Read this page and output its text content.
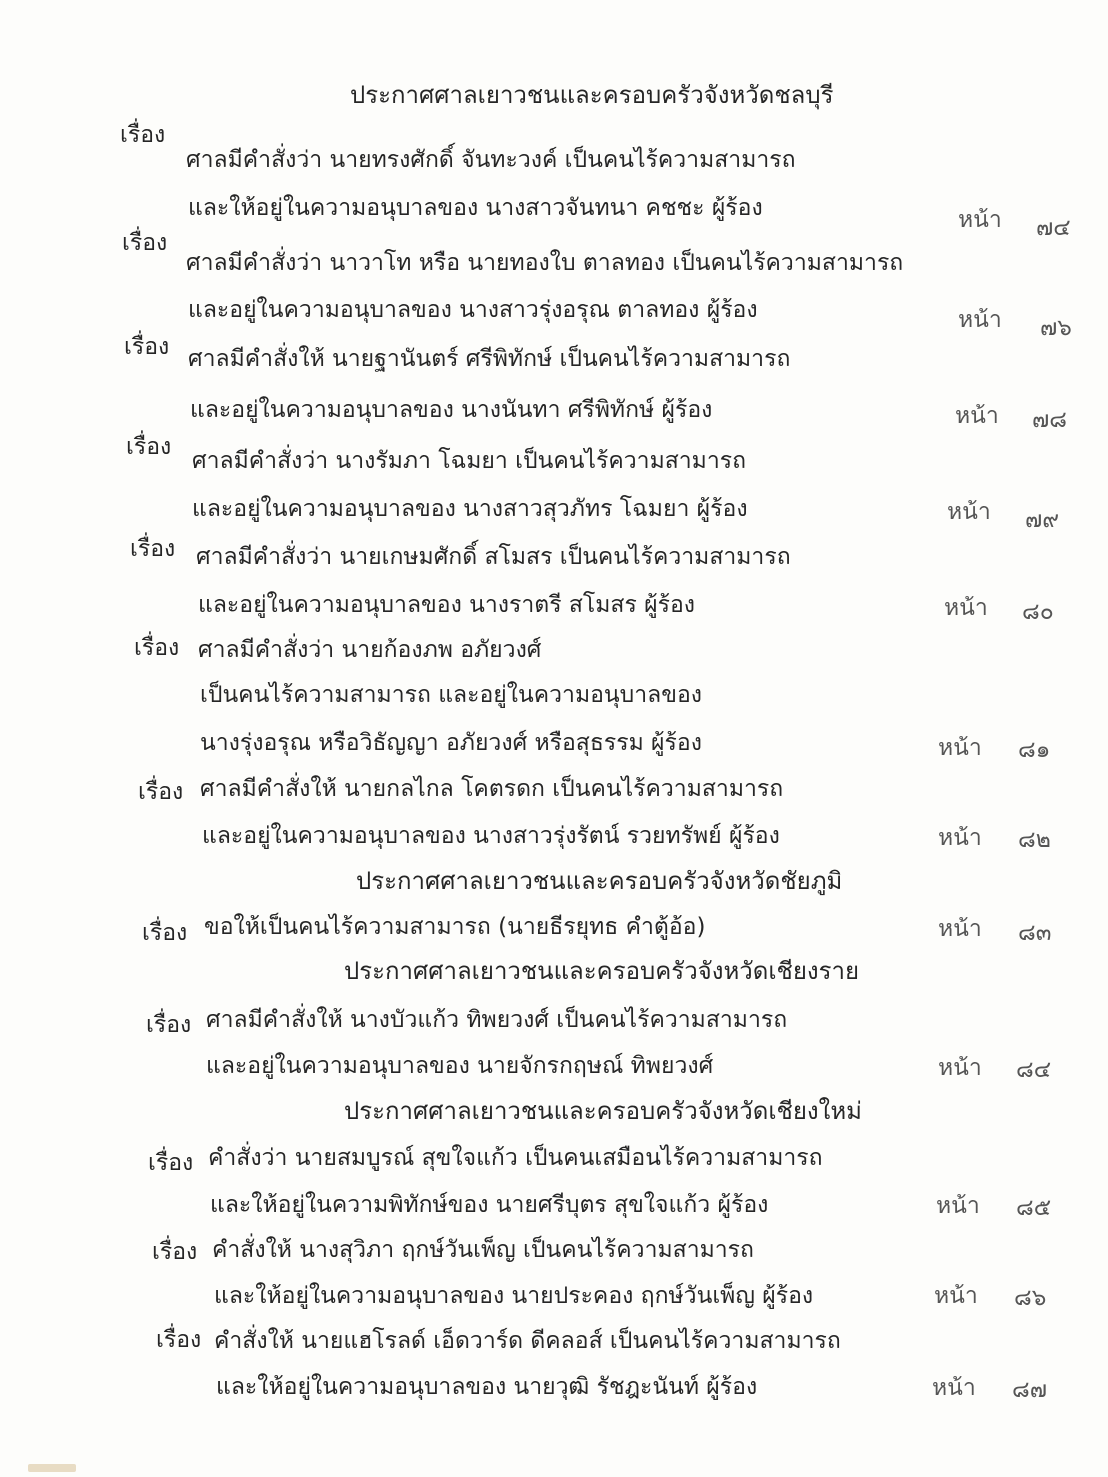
ประกาศศาลเยาวชนและครอบครัวจังหวัดชลบุรี
เรื่อง
ศาลมีคำสั่งว่า นายทรงศักดิ์ จันทะวงค์ เป็นคนไร้ความสามารถ
และให้อยู่ในความอนุบาลของ นางสาวจันทนา คชชะ ผู้ร้อง	หน้า ๗๔
เรื่อง
ศาลมีคำสั่งว่า นาวาโท หรือ นายทองใบ ตาลทอง เป็นคนไร้ความสามารถ
และอยู่ในความอนุบาลของ นางสาวรุ่งอรุณ ตาลทอง ผู้ร้อง	หน้า ๗๖
เรื่อง ศาลมีคำสั่งให้ นายฐานันตร์ ศรีพิทักษ์ เป็นคนไร้ความสามารถ
และอยู่ในความอนุบาลของ นางนันทา ศรีพิทักษ์ ผู้ร้อง	หน้า ๗๘
เรื่อง
ศาลมีคำสั่งว่า นางรัมภา โฉมยา เป็นคนไร้ความสามารถ
และอยู่ในความอนุบาลของ นางสาวสุวภัทร โฉมยา ผู้ร้อง	หน้า ๗๙
เรื่อง ศาลมีคำสั่งว่า นายเกษมศักดิ์ สโมสร เป็นคนไร้ความสามารถ
และอยู่ในความอนุบาลของ นางราตรี สโมสร ผู้ร้อง	หน้า ๘๐
เรื่อง ศาลมีคำสั่งว่า นายก้องภพ อภัยวงศ์
เป็นคนไร้ความสามารถ และอยู่ในความอนุบาลของ
นางรุ่งอรุณ หรือวิธัญญา อภัยวงศ์ หรือสุธรรม ผู้ร้อง	หน้า ๘๑
เรื่อง ศาลมีคำสั่งให้ นายกลไกล โคตรดก เป็นคนไร้ความสามารถ
และอยู่ในความอนุบาลของ นางสาวรุ่งรัตน์ รวยทรัพย์ ผู้ร้อง	หน้า ๘๒
ประกาศศาลเยาวชนและครอบครัวจังหวัดชัยภูมิ
เรื่อง ขอให้เป็นคนไร้ความสามารถ (นายธีรยุทธ คำตู้อ้อ)	หน้า ๘๓
ประกาศศาลเยาวชนและครอบครัวจังหวัดเชียงราย
เรื่อง ศาลมีคำสั่งให้ นางบัวแก้ว ทิพยวงศ์ เป็นคนไร้ความสามารถ
และอยู่ในความอนุบาลของ นายจักรกฤษณ์ ทิพยวงศ์	หน้า ๘๔
ประกาศศาลเยาวชนและครอบครัวจังหวัดเชียงใหม่
เรื่อง คำสั่งว่า นายสมบูรณ์ สุขใจแก้ว เป็นคนเสมือนไร้ความสามารถ
และให้อยู่ในความพิทักษ์ของ นายศรีบุตร สุขใจแก้ว ผู้ร้อง	หน้า ๘๕
เรื่อง คำสั่งให้ นางสุวิภา ฤกษ์วันเพ็ญ เป็นคนไร้ความสามารถ
และให้อยู่ในความอนุบาลของ นายประคอง ฤกษ์วันเพ็ญ ผู้ร้อง	หน้า ๘๖
เรื่อง คำสั่งให้ นายแฮโรลด์ เอ็ดวาร์ด ดีคลอส์ เป็นคนไร้ความสามารถ
และให้อยู่ในความอนุบาลของ นายวุฒิ รัชฎะนันท์ ผู้ร้อง	หน้า ๘๗
